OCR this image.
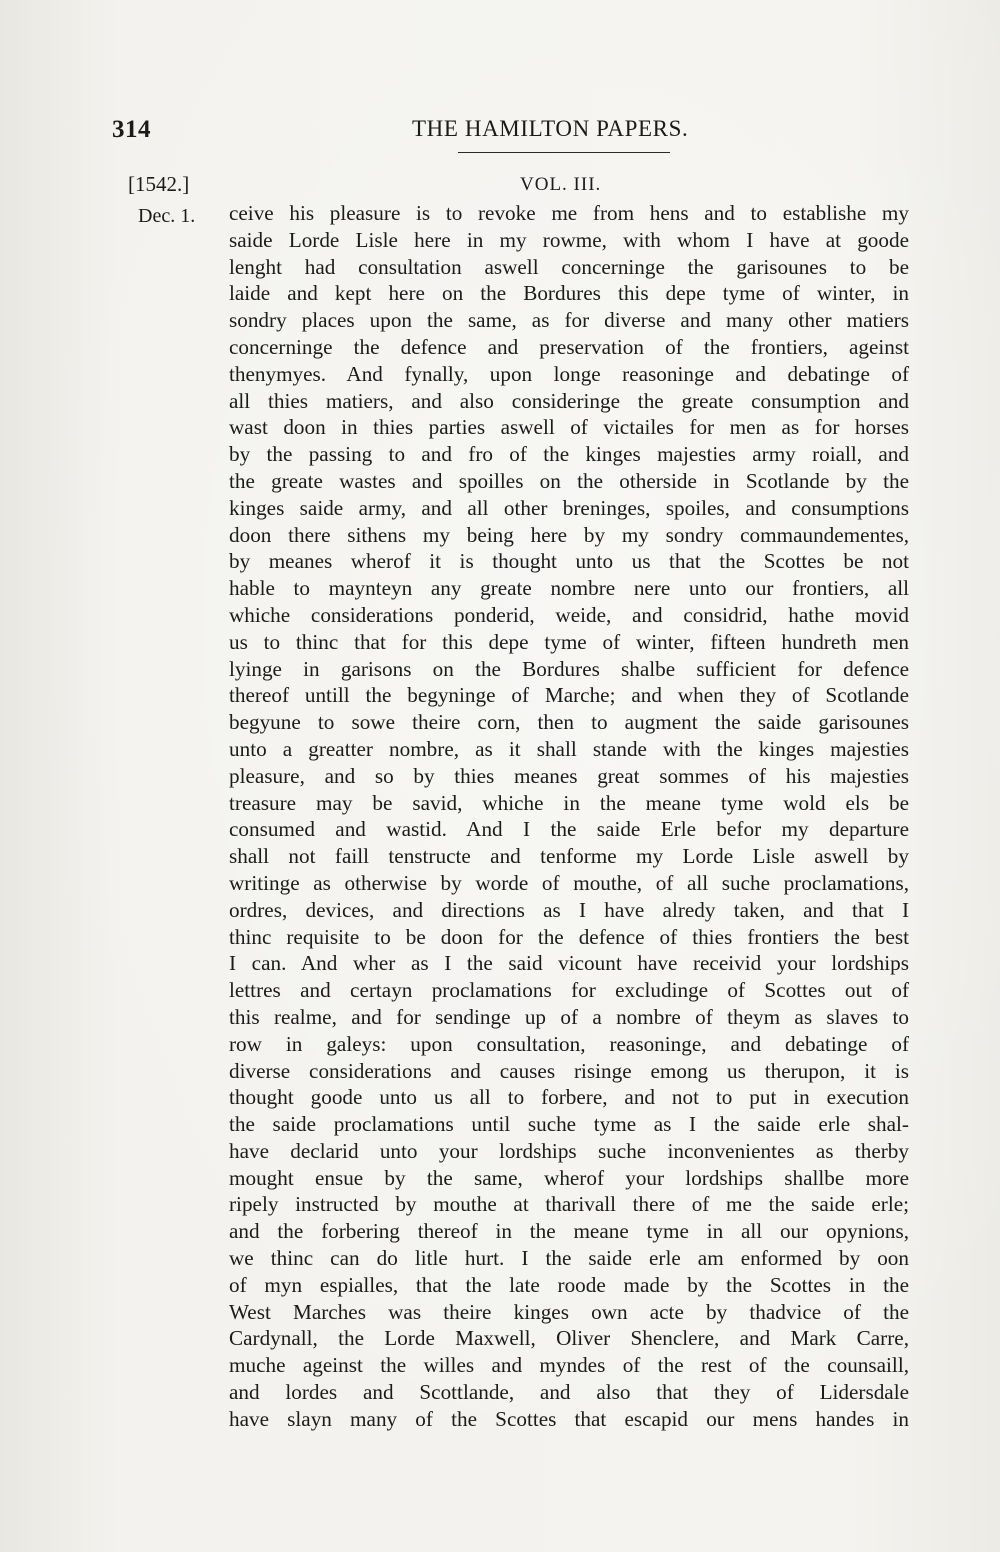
314	THE HAMILTON PAPERS.
[1542.]	VOL. III.
Dec. 1. ceive his pleasure is to revoke me from hens and to establishe my
saide Lorde Lisle here in my rowme, with whom I have at goode
lenght had consultation aswell concerninge the garisounes to be
laide and kept here on the Bordures this depe tyme of winter, in
sondry places upon the same, as for diverse and many other matiers
concerninge the defence and preservation of the frontiers, ageinst
thenymyes. And fynally, upon longe reasoninge and debatinge of
all thies matiers, and also consideringe the greate consumption and
wast doon in thies parties aswell of victailes for men as for horses
by the passing to and fro of the kinges majesties army roiall, and
the greate wastes and spoilles on the otherside in Scotlande by the
kinges saide army, and all other breninges, spoiles, and consumptions
doon there sithens my being here by my sondry commaundementes,
by meanes wherof it is thought unto us that the Scottes be not
hable to maynteyn any greate nombre nere unto our frontiers, all
whiche considerations ponderid, weide, and considrid, hathe movid
us to thinc that for this depe tyme of winter, fifteen hundreth men
lyinge in garisons on the Bordures shalbe sufficient for defence
thereof untill the begyninge of Marche; and when they of Scotlande
begyune to sowe theire corn, then to augment the saide garisounes
unto a greatter nombre, as it shall stande with the kinges majesties
pleasure, and so by thies meanes great sommes of his majesties
treasure may be savid, whiche in the meane tyme wold els be
consumed and wastid. And I the saide Erle befor my departure
shall not faill tenstructe and tenforme my Lorde Lisle aswell by
writinge as otherwise by worde of mouthe, of all suche proclamations,
ordres, devices, and directions as I have alredy taken, and that I
thinc requisite to be doon for the defence of thies frontiers the best
I can. And wher as I the said vicount have receivid your lordships
lettres and certayn proclamations for excludinge of Scottes out of
this realme, and for sendinge up of a nombre of theym as slaves to
row in galeys: upon consultation, reasoninge, and debatinge of
diverse considerations and causes risinge emong us therupon, it is
thought goode unto us all to forbere, and not to put in execution
the saide proclamations until suche tyme as I the saide erle shal-
have declarid unto your lordships suche inconvenientes as therby
mought ensue by the same, wherof your lordships shallbe more
ripely instructed by mouthe at tharivall there of me the saide erle;
and the forbering thereof in the meane tyme in all our opynions,
we thinc can do litle hurt. I the saide erle am enformed by oon
of myn espialles, that the late roode made by the Scottes in the
West Marches was theire kinges own acte by thadvice of the
Cardynall, the Lorde Maxwell, Oliver Shenclere, and Mark Carre,
muche ageinst the willes and myndes of the rest of the counsaill,
and lordes and Scottlande, and also that they of Lidersdale
have slayn many of the Scottes that escapid our mens handes in
